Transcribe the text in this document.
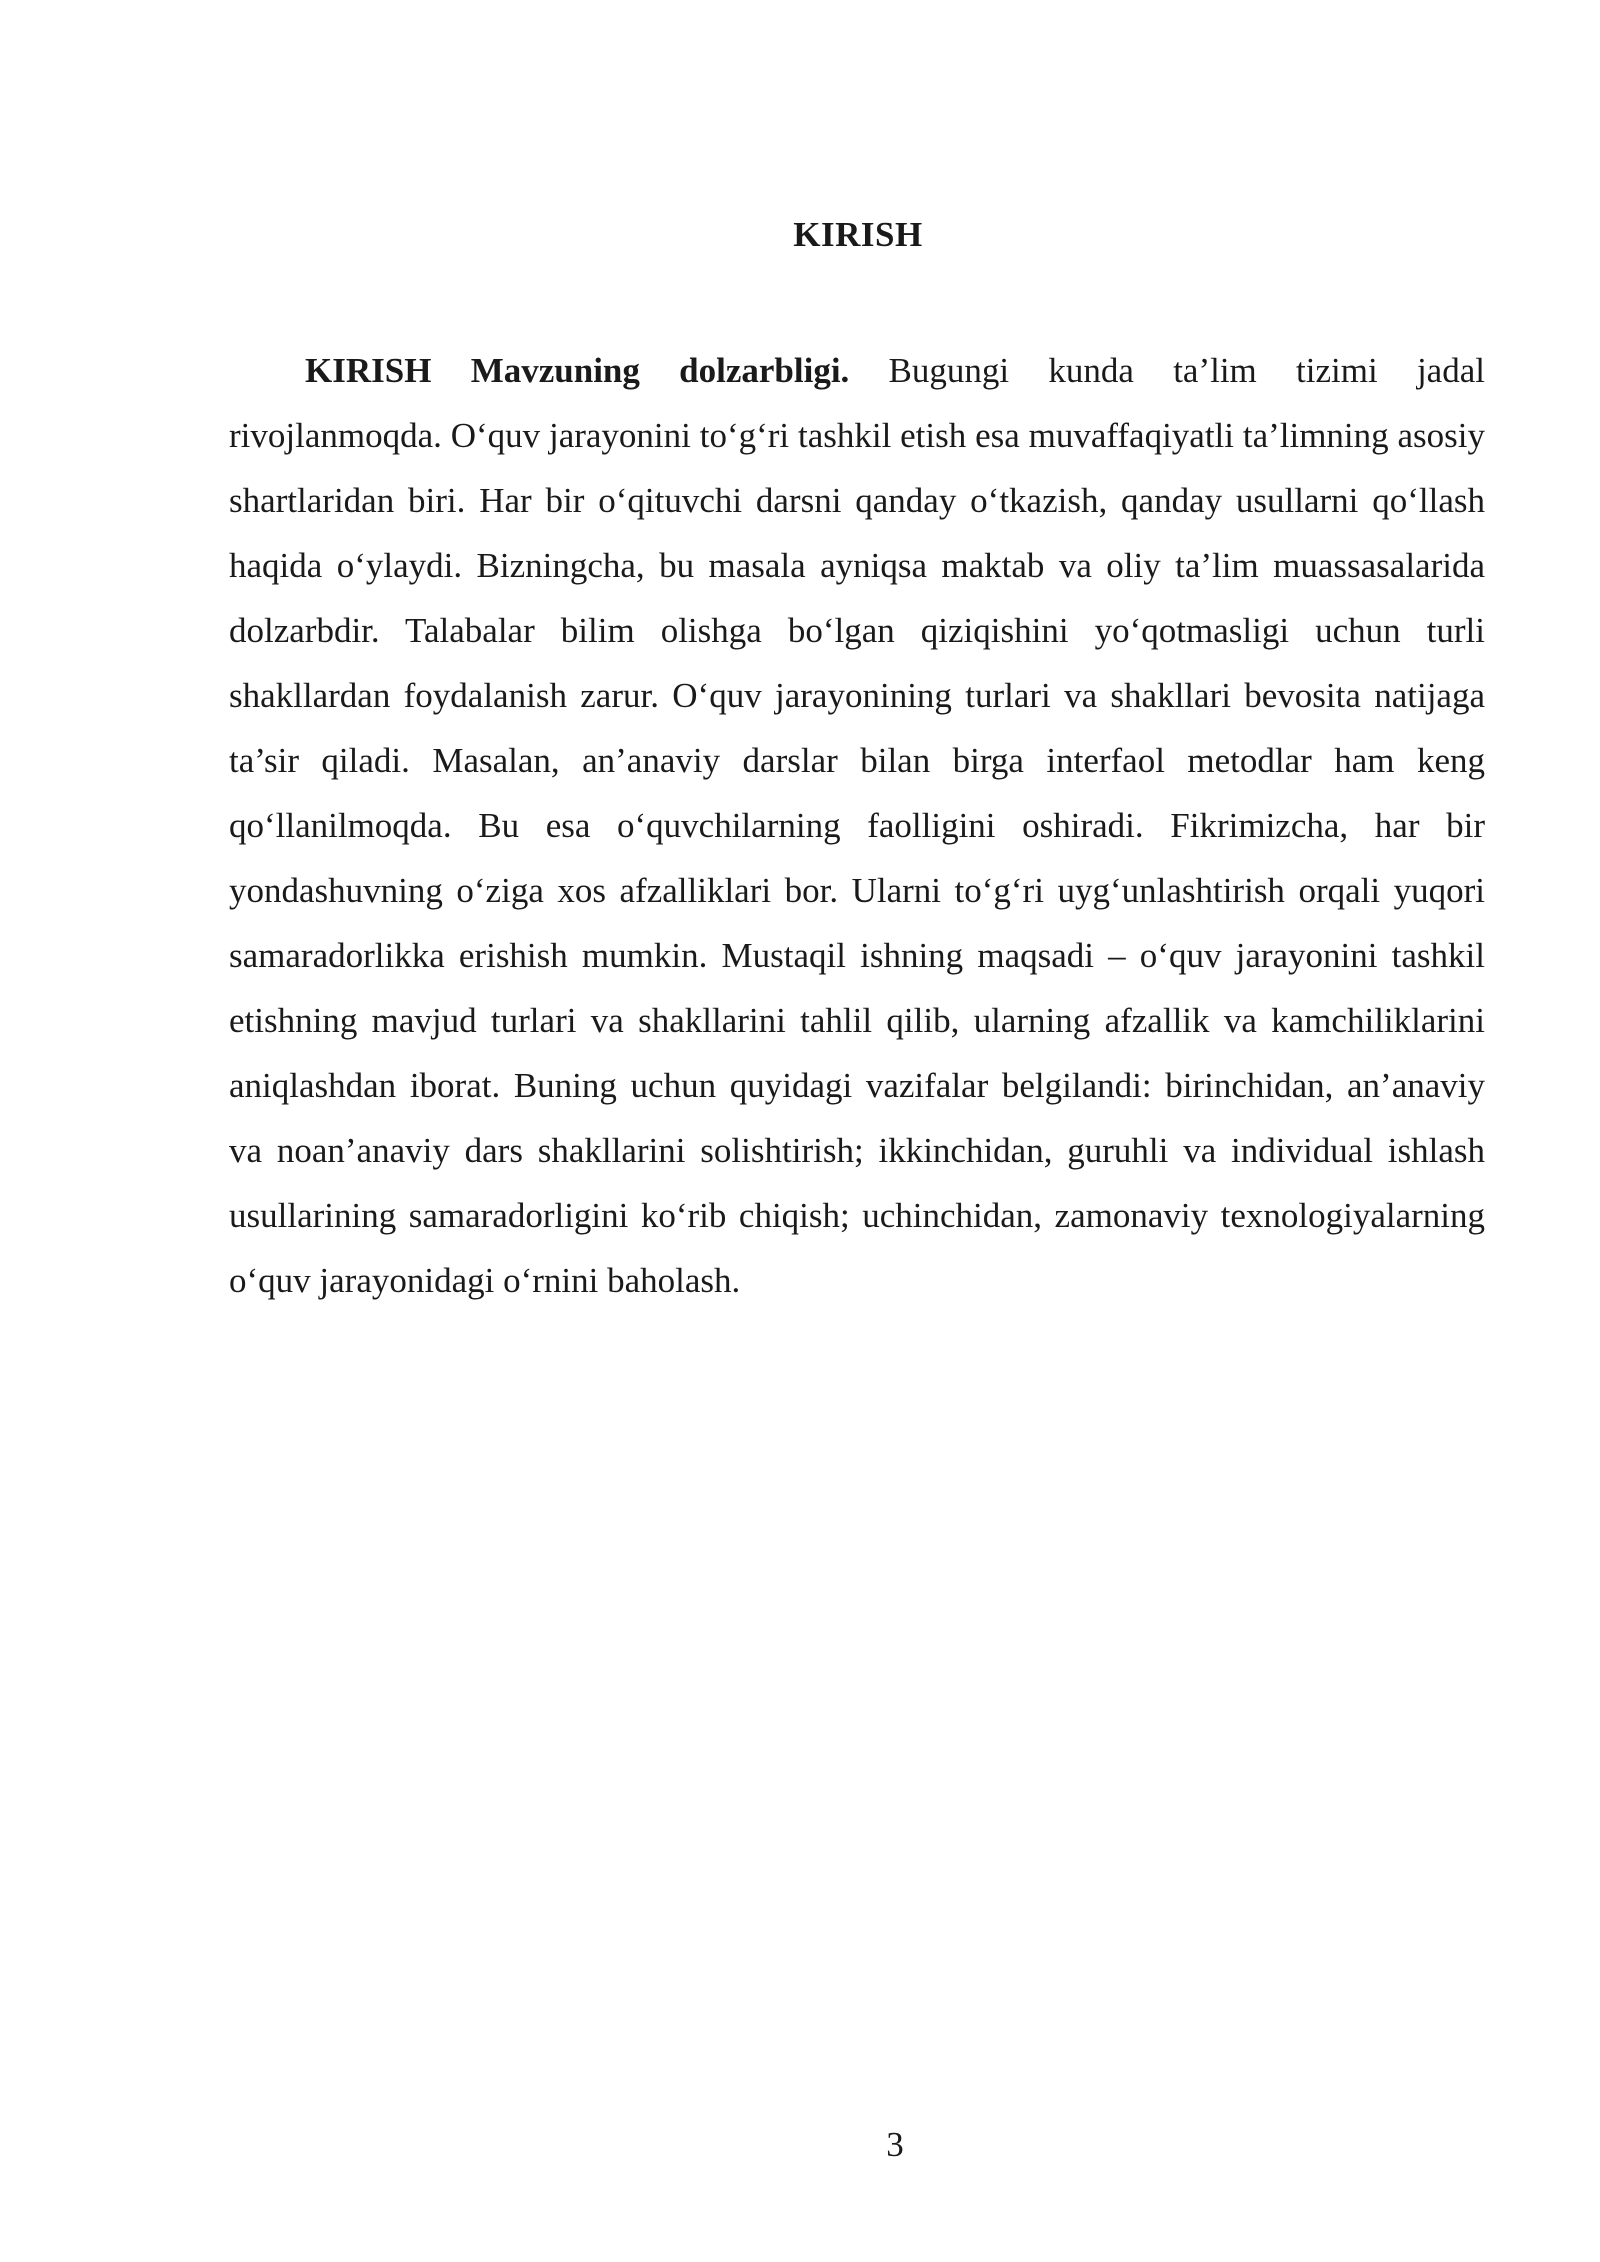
KIRISH

KIRISH Mavzuning dolzarbligi. Bugungi kunda ta’lim tizimi jadal rivojlanmoqda. O‘quv jarayonini to‘g‘ri tashkil etish esa muvaffaqiyatli ta’limning asosiy shartlaridan biri. Har bir o‘qituvchi darsni qanday o‘tkazish, qanday usullarni qo‘llash haqida o‘ylaydi. Bizningcha, bu masala ayniqsa maktab va oliy ta’lim muassasalarida dolzarbdir. Talabalar bilim olishga bo‘lgan qiziqishini yo‘qotmasligi uchun turli shakllardan foydalanish zarur. O‘quv jarayonining turlari va shakllari bevosita natijaga ta’sir qiladi. Masalan, an’anaviy darslar bilan birga interfaol metodlar ham keng qo‘llanilmoqda. Bu esa o‘quvchilarning faolligini oshiradi. Fikrimizcha, har bir yondashuvning o‘ziga xos afzalliklari bor. Ularni to‘g‘ri uyg‘unlashtirish orqali yuqori samaradorlikka erishish mumkin. Mustaqil ishning maqsadi – o‘quv jarayonini tashkil etishning mavjud turlari va shakllarini tahlil qilib, ularning afzallik va kamchiliklarini aniqlashdan iborat. Buning uchun quyidagi vazifalar belgilandi: birinchidan, an’anaviy va noan’anaviy dars shakllarini solishtirish; ikkinchidan, guruhli va individual ishlash usullarining samaradorligini ko‘rib chiqish; uchinchidan, zamonaviy texnologiyalarning o‘quv jarayonidagi o‘rnini baholash.

3
